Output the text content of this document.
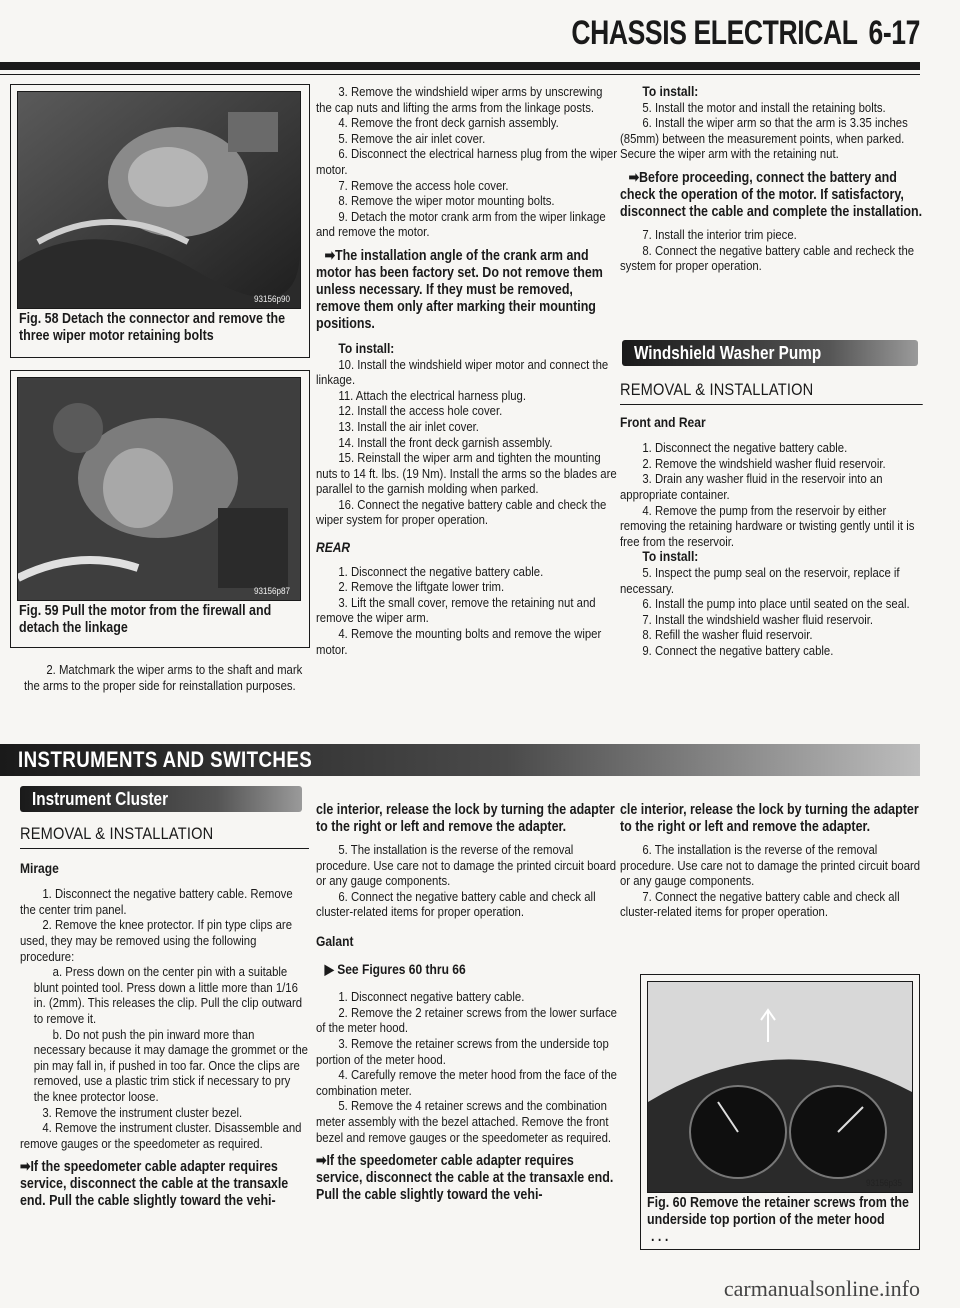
CHASSIS ELECTRICAL 6-17
93156p90
Fig. 58 Detach the connector and remove the three wiper motor retaining bolts
93156p87
Fig. 59 Pull the motor from the firewall and detach the linkage

2. Matchmark the wiper arms to the shaft and mark the arms to the proper side for reinstallation purposes.

3. Remove the windshield wiper arms by unscrewing the cap nuts and lifting the arms from the linkage posts.

4. Remove the front deck garnish assembly.

5. Remove the air inlet cover.

6. Disconnect the electrical harness plug from the wiper motor.

7. Remove the access hole cover.

8. Remove the wiper motor mounting bolts.

9. Detach the motor crank arm from the wiper linkage and remove the motor.

➡The installation angle of the crank arm and motor has been factory set. Do not remove them unless necessary. If they must be removed, remove them only after marking their mounting positions.

To install:

10. Install the windshield wiper motor and connect the linkage.

11. Attach the electrical harness plug.

12. Install the access hole cover.

13. Install the air inlet cover.

14. Install the front deck garnish assembly.

15. Reinstall the wiper arm and tighten the mounting nuts to 14 ft. lbs. (19 Nm). Install the arms so the blades are parallel to the garnish molding when parked.

16. Connect the negative battery cable and check the wiper system for proper operation.

REAR

1. Disconnect the negative battery cable.

2. Remove the liftgate lower trim.

3. Lift the small cover, remove the retaining nut and remove the wiper arm.

4. Remove the mounting bolts and remove the wiper motor.

To install:

5. Install the motor and install the retaining bolts.

6. Install the wiper arm so that the arm is 3.35 inches (85mm) between the measurement points, when parked. Secure the wiper arm with the retaining nut.

➡Before proceeding, connect the battery and check the operation of the motor. If satisfactory, disconnect the cable and complete the installation.

7. Install the interior trim piece.

8. Connect the negative battery cable and recheck the system for proper operation.

Windshield Washer Pump

REMOVAL & INSTALLATION

Front and Rear

1. Disconnect the negative battery cable.

2. Remove the windshield washer fluid reservoir.

3. Drain any washer fluid in the reservoir into an appropriate container.

4. Remove the pump from the reservoir by either removing the retaining hardware or twisting gently until it is free from the reservoir.

To install:

5. Inspect the pump seal on the reservoir, replace if necessary.

6. Install the pump into place until seated on the seal.

7. Install the windshield washer fluid reservoir.

8. Refill the washer fluid reservoir.

9. Connect the negative battery cable.

INSTRUMENTS AND SWITCHES
Instrument Cluster

REMOVAL & INSTALLATION

Mirage

1. Disconnect the negative battery cable. Remove the center trim panel.

2. Remove the knee protector. If pin type clips are used, they may be removed using the following procedure:

a. Press down on the center pin with a suitable blunt pointed tool. Press down a little more than 1/16 in. (2mm). This releases the clip. Pull the clip outward to remove it.

b. Do not push the pin inward more than necessary because it may damage the grommet or the pin may fall in, if pushed in too far. Once the clips are removed, use a plastic trim stick if necessary to pry the knee protector loose.

3. Remove the instrument cluster bezel.

4. Remove the instrument cluster. Disassemble and remove gauges or the speedometer as required.

➡If the speedometer cable adapter requires service, disconnect the cable at the transaxle end. Pull the cable slightly toward the vehi-

cle interior, release the lock by turning the adapter to the right or left and remove the adapter.

5. The installation is the reverse of the removal procedure. Use care not to damage the printed circuit board or any gauge components.

6. Connect the negative battery cable and check all cluster-related items for proper operation.

Galant

▶ See Figures 60 thru 66

1. Disconnect negative battery cable.

2. Remove the 2 retainer screws from the lower surface of the meter hood.

3. Remove the retainer screws from the underside top portion of the meter hood.

4. Carefully remove the meter hood from the face of the combination meter.

5. Remove the 4 retainer screws and the combination meter assembly with the bezel attached. Remove the front bezel and remove gauges or the speedometer as required.

➡If the speedometer cable adapter requires service, disconnect the cable at the transaxle end. Pull the cable slightly toward the vehi-

cle interior, release the lock by turning the adapter to the right or left and remove the adapter.

6. The installation is the reverse of the removal procedure. Use care not to damage the printed circuit board or any gauge components.

7. Connect the negative battery cable and check all cluster-related items for proper operation.

93156p35
Fig. 60 Remove the retainer screws from the underside top portion of the meter hood
. . .
carmanualsonline.info
